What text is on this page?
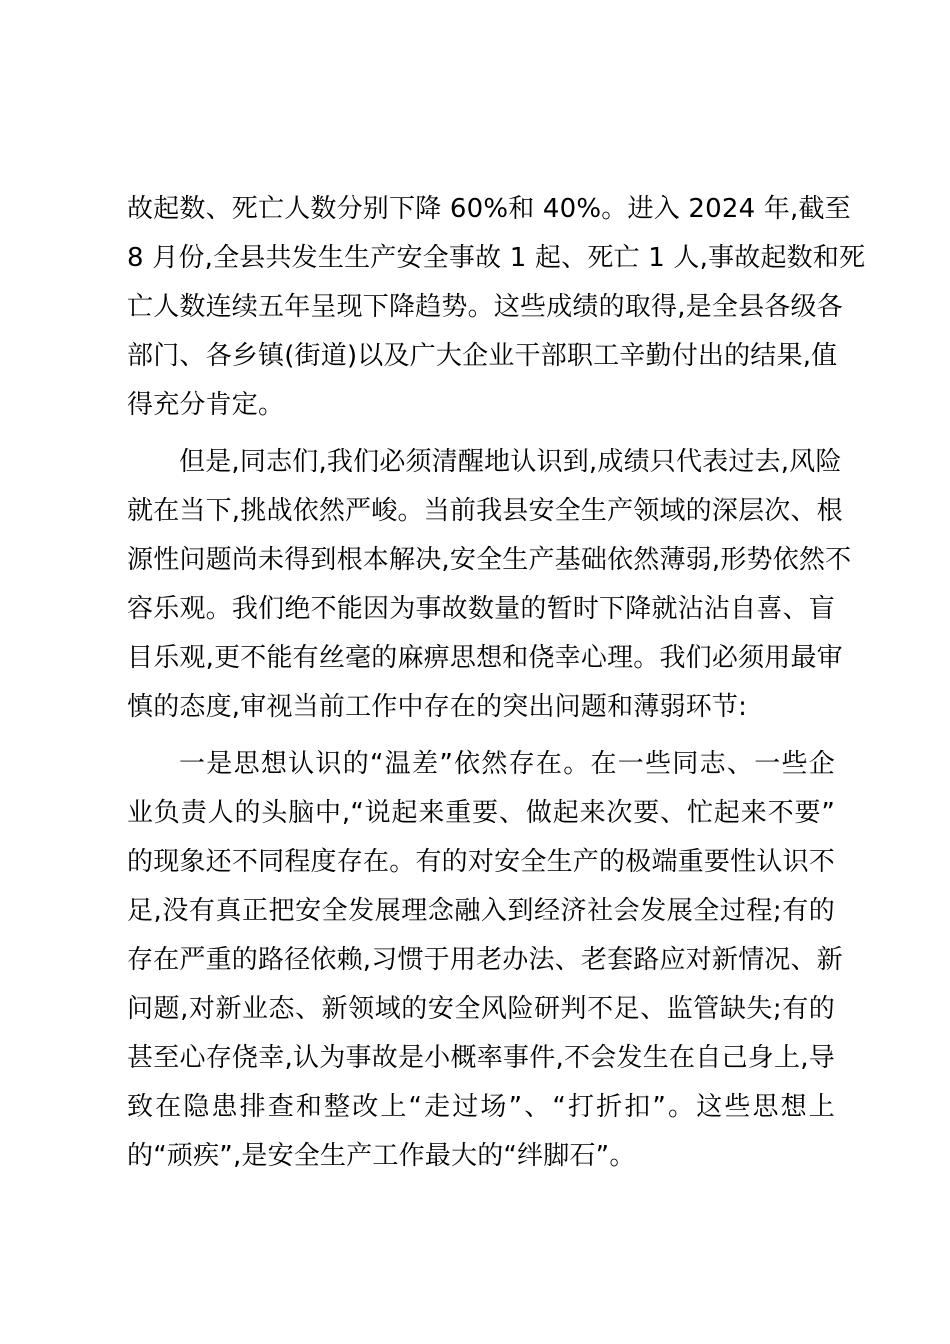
故起数、死亡人数分别下降 60%和 40%。进入 2024 年,截至
8 月份,全县共发生生产安全事故 1 起、死亡 1 人,事故起数和死
亡人数连续五年呈现下降趋势。这些成绩的取得,是全县各级各
部门、各乡镇(街道)以及广大企业干部职工辛勤付出的结果,值
得充分肯定。
但是,同志们,我们必须清醒地认识到,成绩只代表过去,风险
就在当下,挑战依然严峻。当前我县安全生产领域的深层次、根
源性问题尚未得到根本解决,安全生产基础依然薄弱,形势依然不
容乐观。我们绝不能因为事故数量的暂时下降就沾沾自喜、盲
目乐观,更不能有丝毫的麻痹思想和侥幸心理。我们必须用最审
慎的态度,审视当前工作中存在的突出问题和薄弱环节:
一是思想认识的“温差”依然存在。在一些同志、一些企
业负责人的头脑中,“说起来重要、做起来次要、忙起来不要”
的现象还不同程度存在。有的对安全生产的极端重要性认识不
足,没有真正把安全发展理念融入到经济社会发展全过程;有的
存在严重的路径依赖,习惯于用老办法、老套路应对新情况、新
问题,对新业态、新领域的安全风险研判不足、监管缺失;有的
甚至心存侥幸,认为事故是小概率事件,不会发生在自己身上,导
致在隐患排查和整改上“走过场”、“打折扣”。这些思想上
的“顽疾”,是安全生产工作最大的“绊脚石”。
